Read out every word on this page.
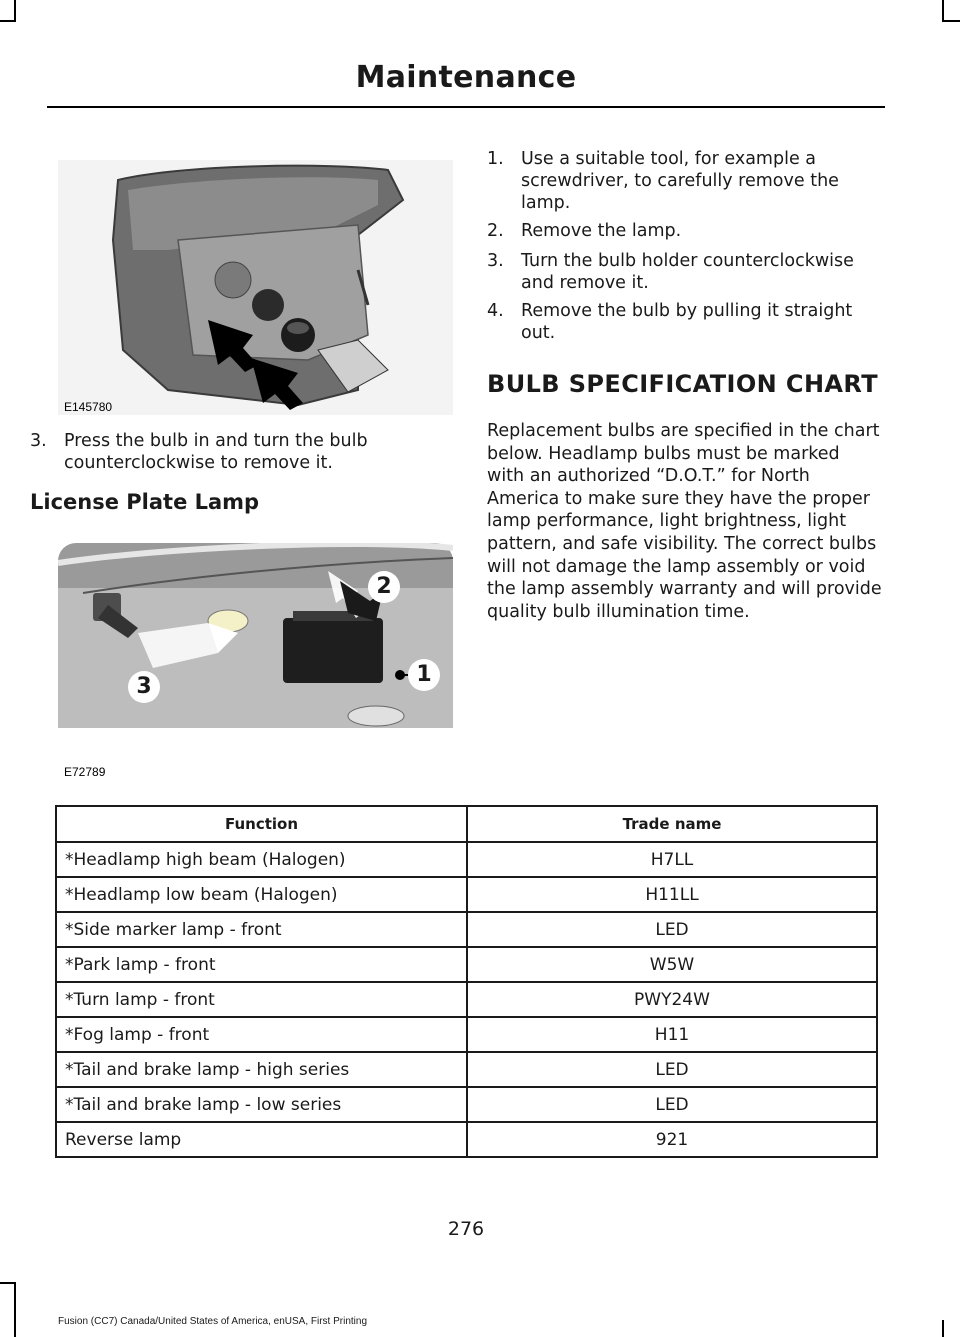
Maintenance
E145780
3. Press the bulb in and turn the bulb
counterclockwise to remove it.
License Plate Lamp
2
1
3
E72789
1. Use a suitable tool, for example a
screwdriver, to carefully remove the
lamp.
2. Remove the lamp.
3. Turn the bulb holder counterclockwise
and remove it.
4. Remove the bulb by pulling it straight
out.
BULB SPECIFICATION CHART
Replacement bulbs are specified in the chart below. Headlamp bulbs must be marked with an authorized “D.O.T.” for North America to make sure they have the proper lamp performance, light brightness, light pattern, and safe visibility. The correct bulbs will not damage the lamp assembly or void the lamp assembly warranty and will provide quality bulb illumination time.
Function	Trade name
*Headlamp high beam (Halogen)	H7LL
*Headlamp low beam (Halogen)	H11LL
*Side marker lamp - front	LED
*Park lamp - front	W5W
*Turn lamp - front	PWY24W
*Fog lamp - front	H11
*Tail and brake lamp - high series	LED
*Tail and brake lamp - low series	LED
Reverse lamp	921
276
Fusion (CC7) Canada/United States of America, enUSA, First Printing
